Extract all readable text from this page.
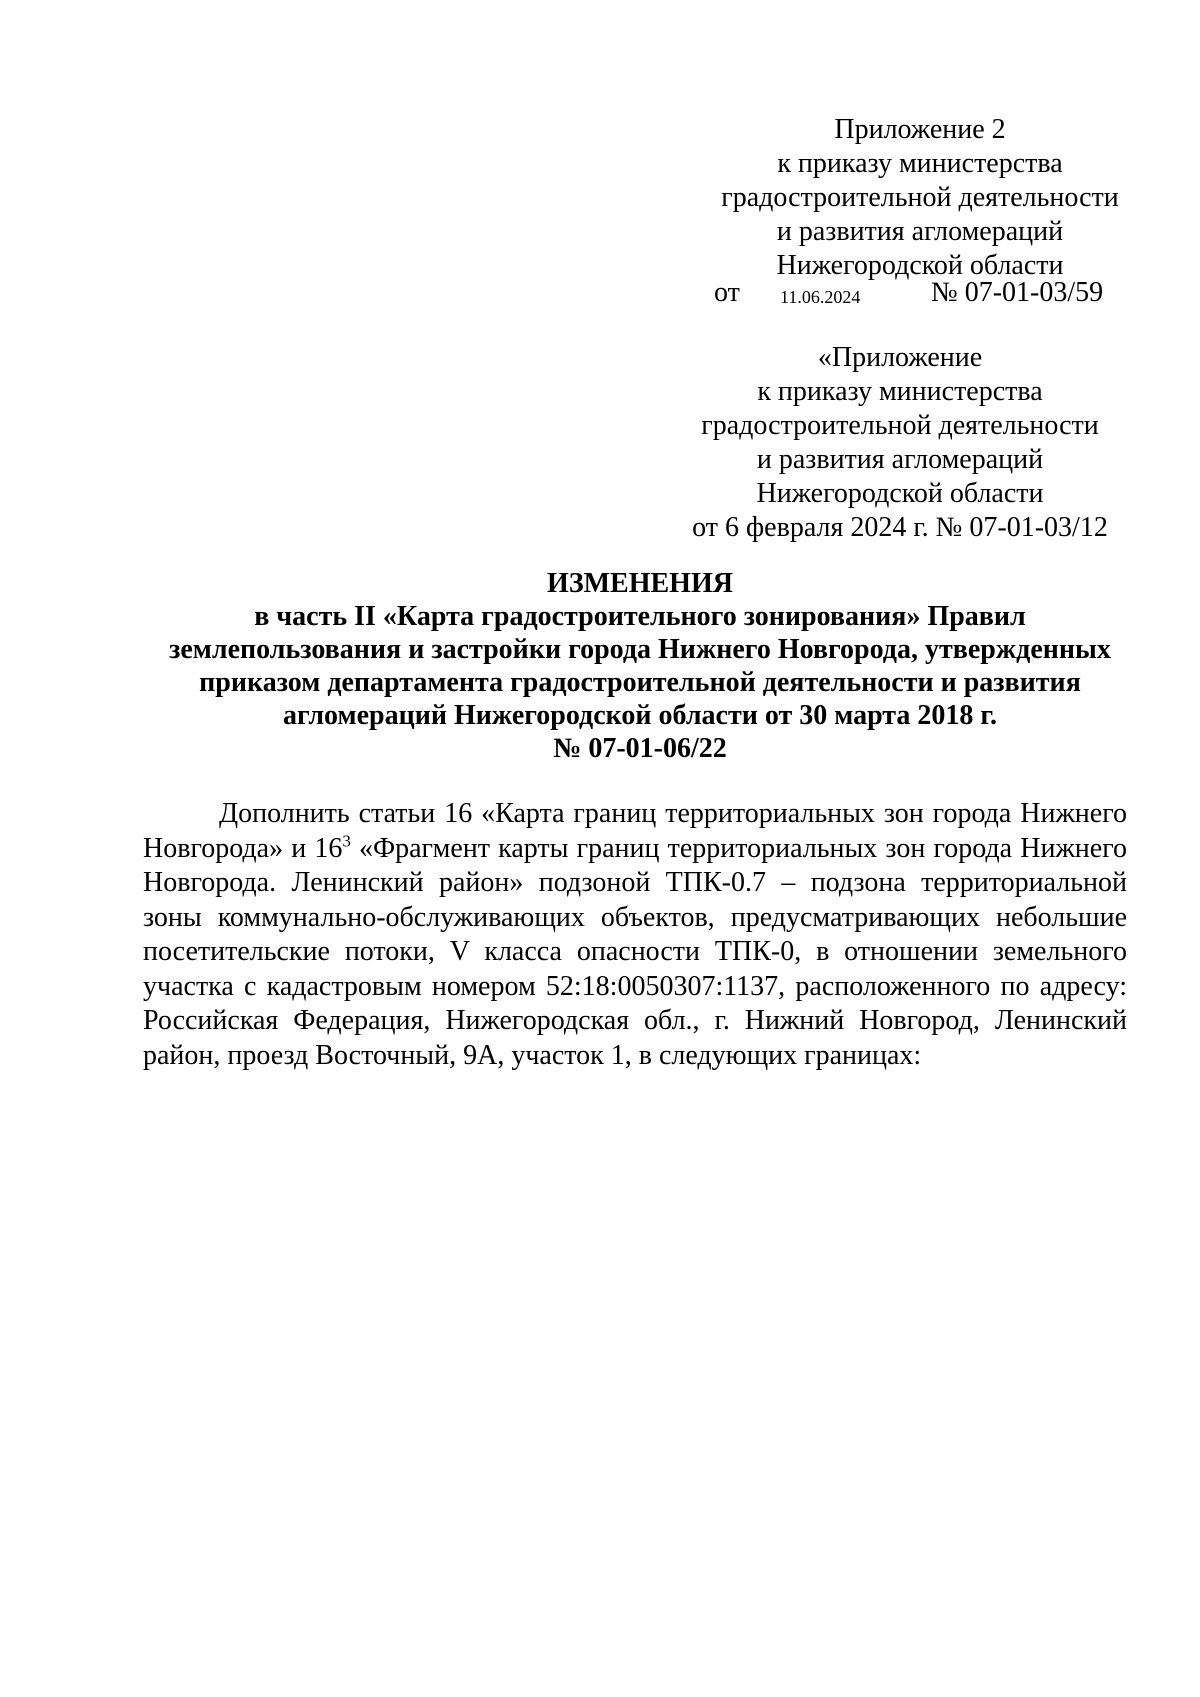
Приложение 2
к приказу министерства
градостроительной деятельности
и развития агломераций
Нижегородской области
от 11.06.2024	№ 07-01-03/59
«Приложение
к приказу министерства
градостроительной деятельности
и развития агломераций
Нижегородской области
от 6 февраля 2024 г. № 07-01-03/12
ИЗМЕНЕНИЯ
в часть II «Карта градостроительного зонирования» Правил
землепользования и застройки города Нижнего Новгорода, утвержденных
приказом департамента градостроительной деятельности и развития
агломераций Нижегородской области от 30 марта 2018 г.
№ 07-01-06/22

Дополнить статьи 16 «Карта границ территориальных зон города Нижнего Новгорода» и $16^3$ «Фрагмент карты границ территориальных зон города Нижнего Новгорода. Ленинский район» подзоной ТПК-0.7 – подзона территориальной зоны коммунально-обслуживающих объектов, предусматривающих небольшие посетительские потоки, V класса опасности ТПК-0, в отношении земельного участка с кадастровым номером 52:18:0050307:1137, расположенного по адресу: Российская Федерация, Нижегородская обл., г. Нижний Новгород, Ленинский район, проезд Восточный, 9А, участок 1, в следующих границах:
